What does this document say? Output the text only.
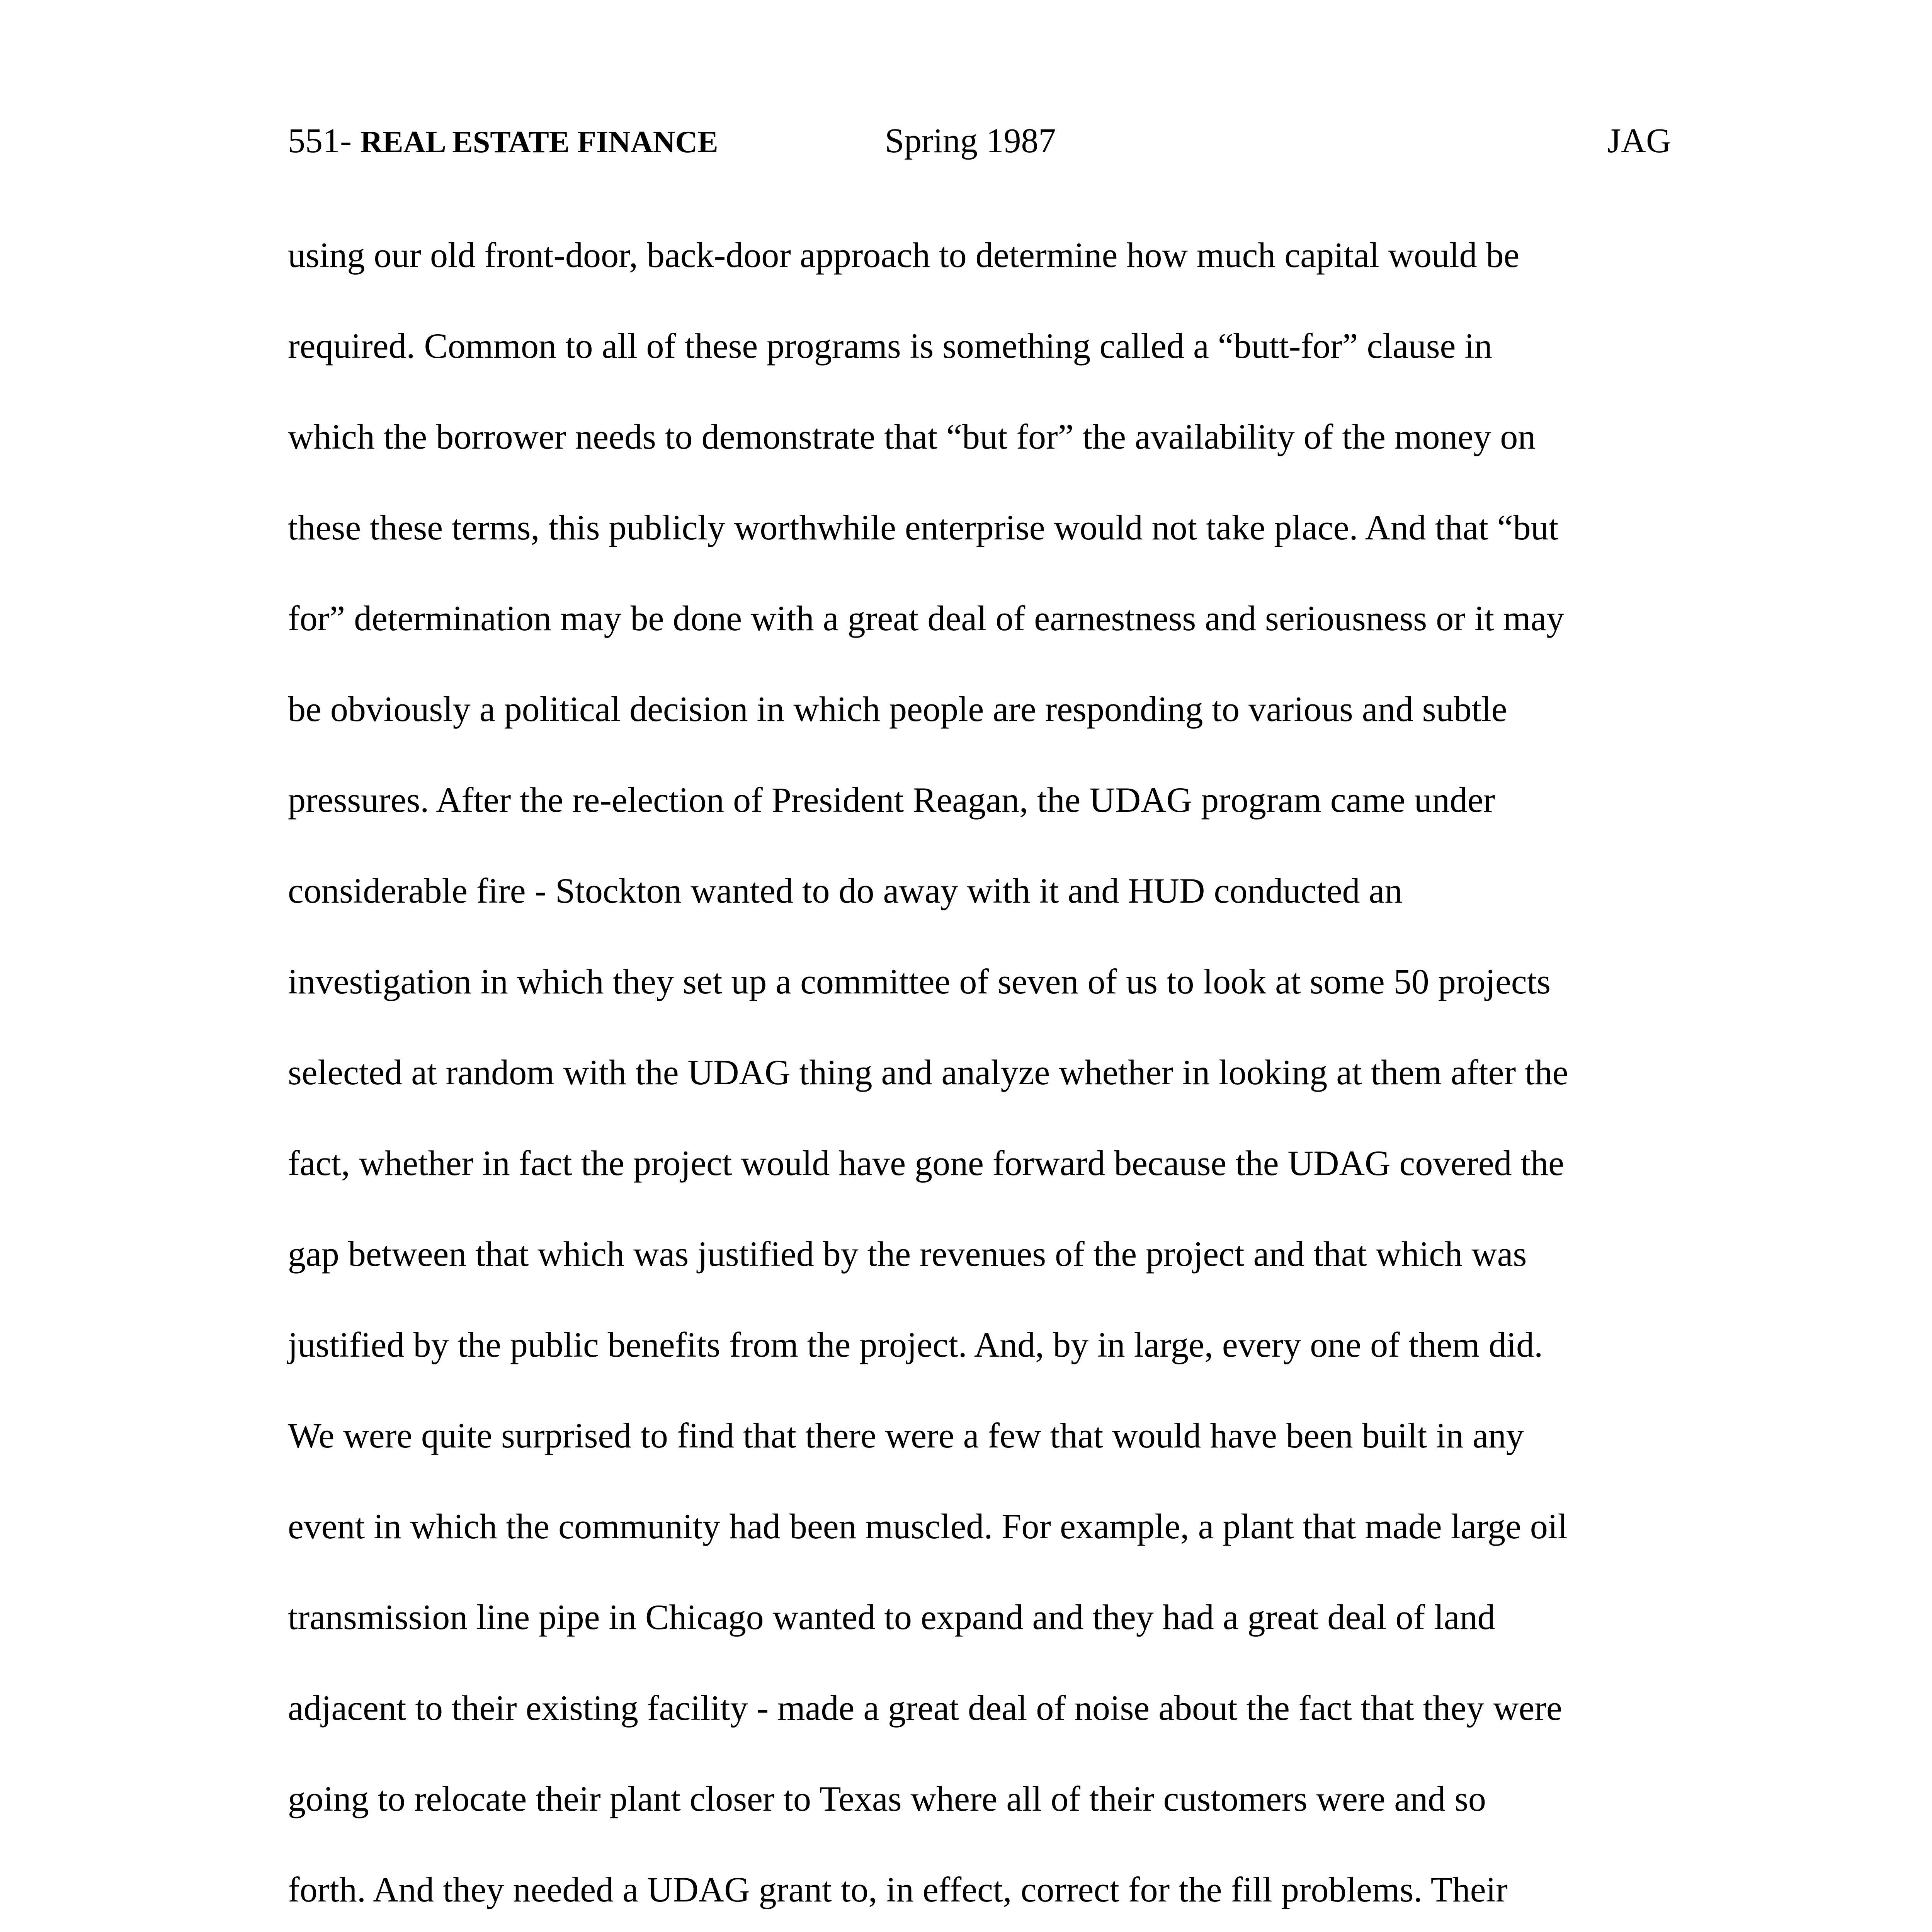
551- REAL ESTATE FINANCE	Spring 1987	JAG
using our old front-door, back-door approach to determine how much capital would be
required. Common to all of these programs is something called a “butt-for” clause in
which the borrower needs to demonstrate that “but for” the availability of the money on
these these terms, this publicly worthwhile enterprise would not take place. And that “but
for” determination may be done with a great deal of earnestness and seriousness or it may
be obviously a political decision in which people are responding to various and subtle
pressures. After the re-election of President Reagan, the UDAG program came under
considerable fire - Stockton wanted to do away with it and HUD conducted an
investigation in which they set up a committee of seven of us to look at some 50 projects
selected at random with the UDAG thing and analyze whether in looking at them after the
fact, whether in fact the project would have gone forward because the UDAG covered the
gap between that which was justified by the revenues of the project and that which was
justified by the public benefits from the project. And, by in large, every one of them did.
We were quite surprised to find that there were a few that would have been built in any
event in which the community had been muscled. For example, a plant that made large oil
transmission line pipe in Chicago wanted to expand and they had a great deal of land
adjacent to their existing facility - made a great deal of noise about the fact that they were
going to relocate their plant closer to Texas where all of their customers were and so
forth. And they needed a UDAG grant to, in effect, correct for the fill problems. Their
